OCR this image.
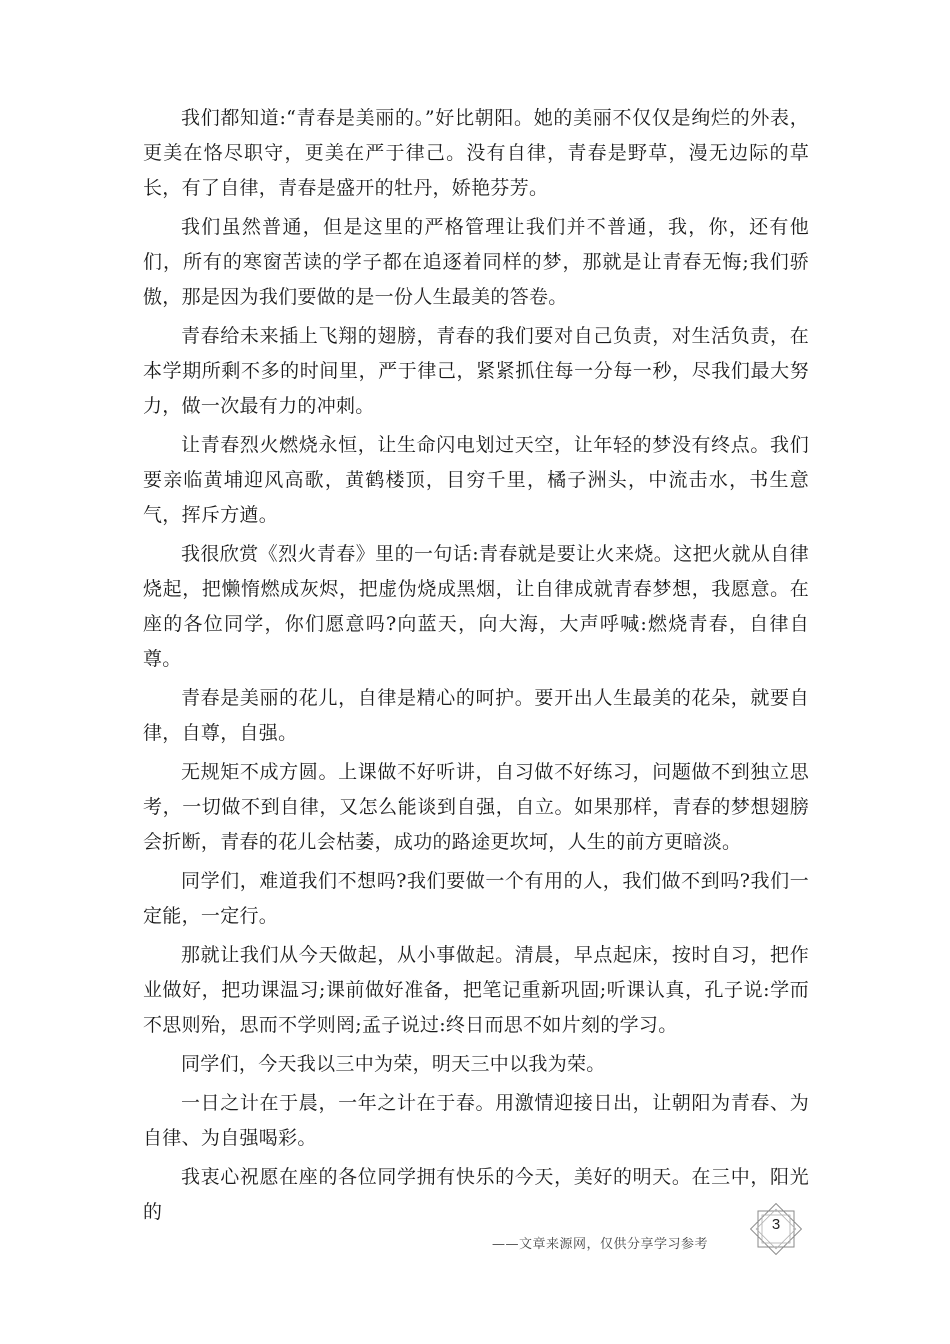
我们都知道:“青春是美丽的。”好比朝阳。她的美丽不仅仅是绚烂的外表，更美在恪尽职守，更美在严于律己。没有自律，青春是野草，漫无边际的草长，有了自律，青春是盛开的牡丹，娇艳芬芳。

我们虽然普通，但是这里的严格管理让我们并不普通，我，你，还有他们，所有的寒窗苦读的学子都在追逐着同样的梦，那就是让青春无悔;我们骄傲，那是因为我们要做的是一份人生最美的答卷。

青春给未来插上飞翔的翅膀，青春的我们要对自己负责，对生活负责，在本学期所剩不多的时间里，严于律己，紧紧抓住每一分每一秒，尽我们最大努力，做一次最有力的冲刺。

让青春烈火燃烧永恒，让生命闪电划过天空，让年轻的梦没有终点。我们要亲临黄埔迎风高歌，黄鹤楼顶，目穷千里，橘子洲头，中流击水，书生意气，挥斥方遒。

我很欣赏《烈火青春》里的一句话:青春就是要让火来烧。这把火就从自律烧起，把懒惰燃成灰烬，把虚伪烧成黑烟，让自律成就青春梦想，我愿意。在座的各位同学，你们愿意吗?向蓝天，向大海，大声呼喊:燃烧青春，自律自尊。

青春是美丽的花儿，自律是精心的呵护。要开出人生最美的花朵，就要自律，自尊，自强。

无规矩不成方圆。上课做不好听讲，自习做不好练习，问题做不到独立思考，一切做不到自律，又怎么能谈到自强，自立。如果那样，青春的梦想翅膀会折断，青春的花儿会枯萎，成功的路途更坎坷，人生的前方更暗淡。

同学们，难道我们不想吗?我们要做一个有用的人，我们做不到吗?我们一定能，一定行。

那就让我们从今天做起，从小事做起。清晨，早点起床，按时自习，把作业做好，把功课温习;课前做好准备，把笔记重新巩固;听课认真，孔子说:学而不思则殆，思而不学则罔;孟子说过:终日而思不如片刻的学习。

同学们，今天我以三中为荣，明天三中以我为荣。

一日之计在于晨，一年之计在于春。用激情迎接日出，让朝阳为青春、为自律、为自强喝彩。

我衷心祝愿在座的各位同学拥有快乐的今天，美好的明天。在三中，阳光的

——文章来源网，仅供分享学习参考
3
